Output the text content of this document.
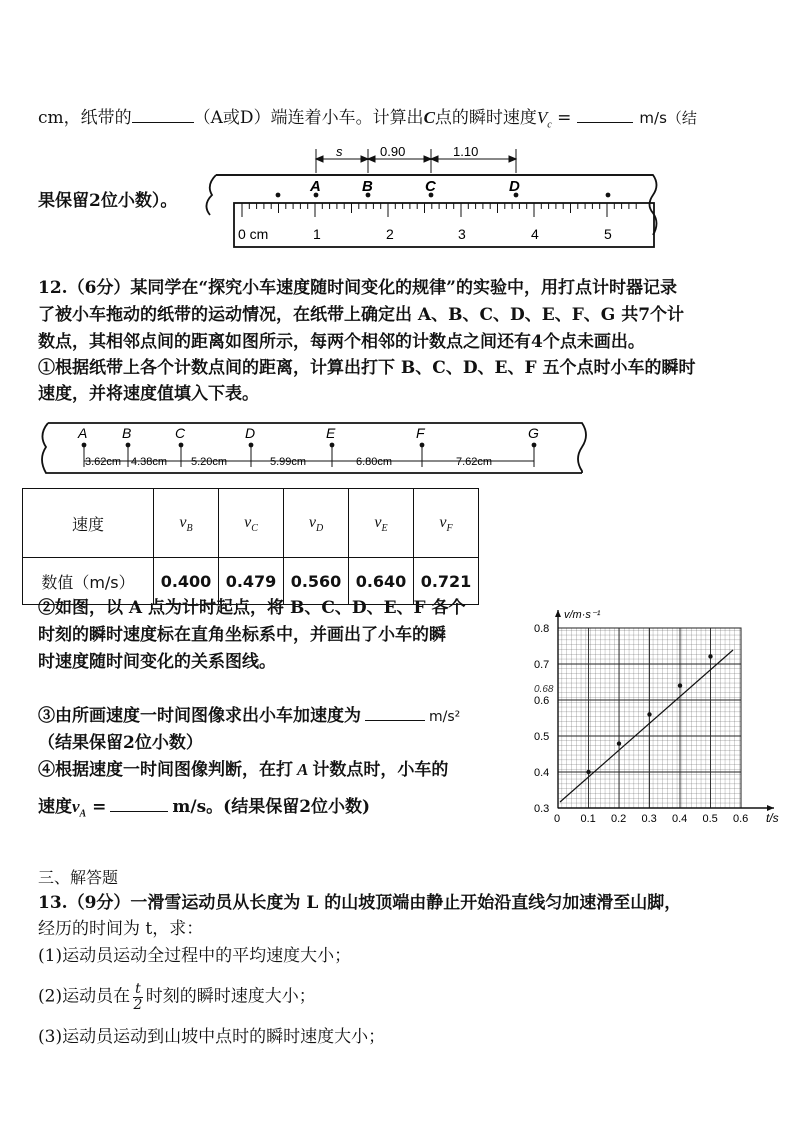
cm，纸带的	（A或D）端连着小车。计算出C点的瞬时速度$V_c$ =	m/s（结
果保留2位小数）。
s	0.90	1.10
A	B	C	D
0 cm	1	2	3	4	5
12.（6分）某同学在“探究小车速度随时间变化的规律”的实验中，用打点计时器记录
了被小车拖动的纸带的运动情况，在纸带上确定出 A、B、C、D、E、F、G 共7个计
数点，其相邻点间的距离如图所示，每两个相邻的计数点之间还有4个点未画出。
①根据纸带上各个计数点间的距离，计算出打下 B、C、D、E、F 五个点时小车的瞬时
速度，并将速度值填入下表。
A B	C	D	E	F	G
3.62cm 4.38cm 5.20cm	5.99cm	6.80cm	7.62cm
速度	$v_B$	$v_C$	$v_D$	$v_E$	$v_F$
数值（m/s）	0.400	0.479	0.560	0.640	0.721
②如图，以 A 点为计时起点，将 B、C、D、E、F 各个
时刻的瞬时速度标在直角坐标系中，并画出了小车的瞬
时速度随时间变化的关系图线。
③由所画速度一时间图像求出小车加速度为	m/s²
（结果保留2位小数）
④根据速度一时间图像判断，在打 A 计数点时，小车的
速度$v_A$ =	m/s。(结果保留2位小数)
v/m·s⁻¹
t/s
0.3
0.4
0.5
0.6
0.7
0.8
0 0.1 0.2 0.3 0.4 0.5 0.6
0.68
三、解答题
13.（9分）一滑雪运动员从长度为 L 的山坡顶端由静止开始沿直线匀加速滑至山脚，
经历的时间为 t，求：
(1)运动员运动全过程中的平均速度大小；
(2)运动员在 $\frac{t}{2}$ 时刻的瞬时速度大小；
(3)运动员运动到山坡中点时的瞬时速度大小；
